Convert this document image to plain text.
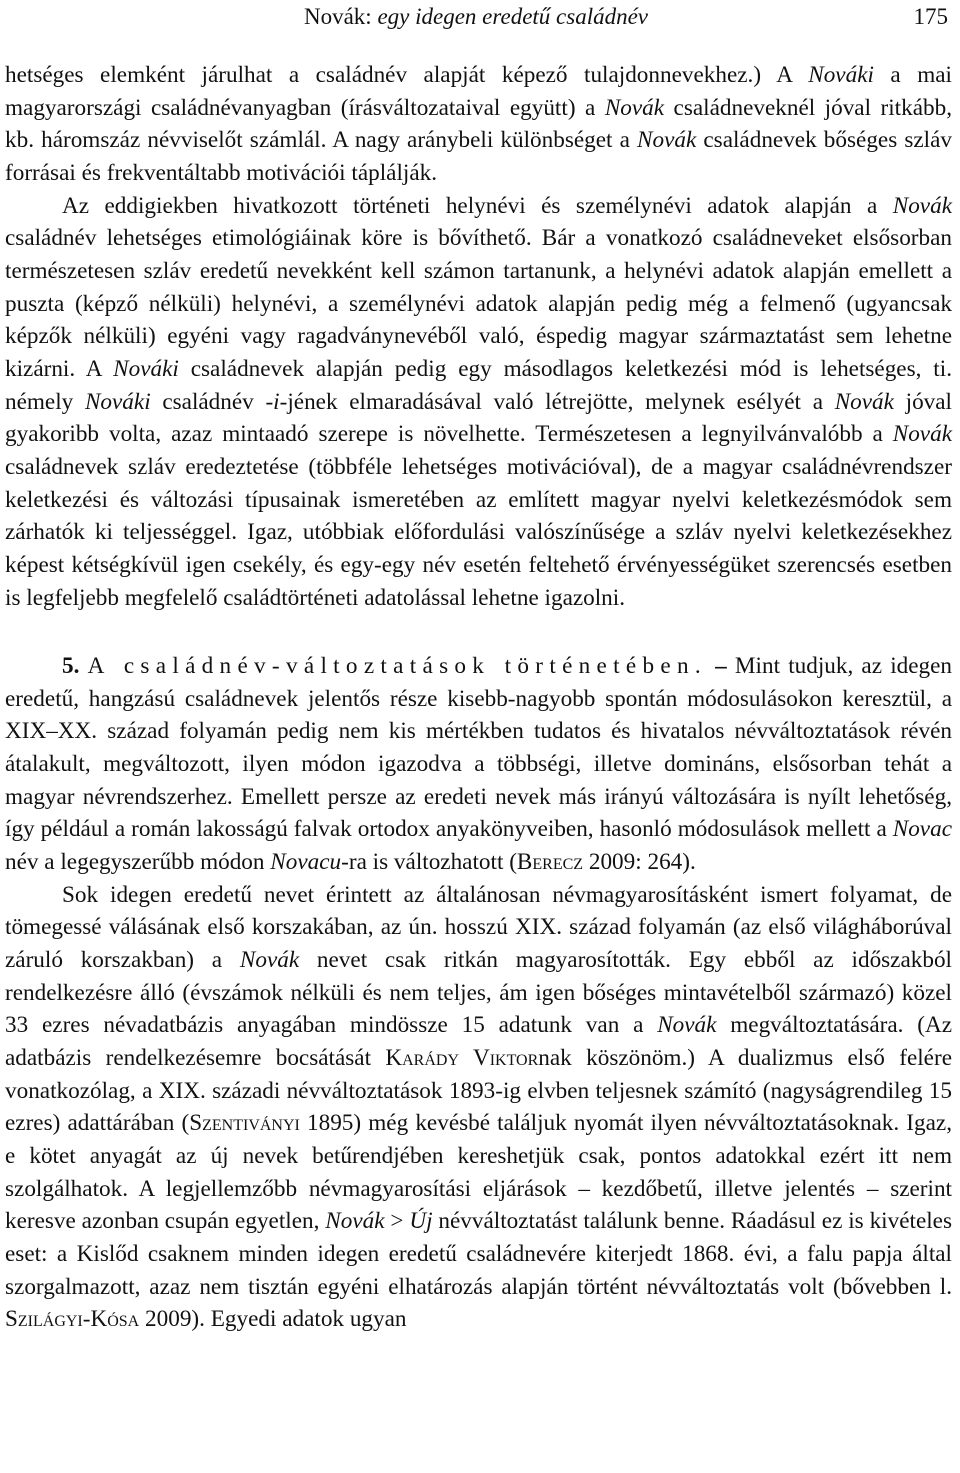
Novák: egy idegen eredetű családnév	175

hetséges elemként járulhat a családnév alapját képező tulajdonnevekhez.) A Nováki a mai magyarországi családnévanyagban (írásváltozataival együtt) a Novák családneveknél jóval ritkább, kb. háromszáz névviselőt számlál. A nagy aránybeli különbséget a Novák családnevek bőséges szláv forrásai és frekventáltabb motivációi táplálják.

Az eddigiekben hivatkozott történeti helynévi és személynévi adatok alapján a Novák családnév lehetséges etimológiáinak köre is bővíthető. Bár a vonatkozó családneveket elsősorban természetesen szláv eredetű nevekként kell számon tartanunk, a helynévi adatok alapján emellett a puszta (képző nélküli) helynévi, a személynévi adatok alapján pedig még a felmenő (ugyancsak képzők nélküli) egyéni vagy ragadványnevéből való, éspedig magyar származtatást sem lehetne kizárni. A Nováki családnevek alapján pedig egy másodlagos keletkezési mód is lehetséges, ti. némely Nováki családnév -i-jének elmaradásával való létrejötte, melynek esélyét a Novák jóval gyakoribb volta, azaz mintaadó szerepe is növelhette. Természetesen a legnyilvánvalóbb a Novák családnevek szláv eredeztetése (többféle lehetséges motivációval), de a magyar családnévrendszer keletkezési és változási típusainak ismeretében az említett magyar nyelvi keletkezésmódok sem zárhatók ki teljességgel. Igaz, utóbbiak előfordulási valószínűsége a szláv nyelvi keletkezésekhez képest kétségkívül igen csekély, és egy-egy név esetén feltehető érvényességüket szerencsés esetben is legfeljebb megfelelő családtörténeti adatolással lehetne igazolni.

5. A családnév-változtatások történetében. – Mint tudjuk, az idegen eredetű, hangzású családnevek jelentős része kisebb-nagyobb spontán módosulásokon keresztül, a XIX–XX. század folyamán pedig nem kis mértékben tudatos és hivatalos névváltoztatások révén átalakult, megváltozott, ilyen módon igazodva a többségi, illetve domináns, elsősorban tehát a magyar névrendszerhez. Emellett persze az eredeti nevek más irányú változására is nyílt lehetőség, így például a román lakosságú falvak ortodox anyakönyveiben, hasonló módosulások mellett a Novac név a legegyszerűbb módon Novacu-ra is változhatott (Berecz 2009: 264).

Sok idegen eredetű nevet érintett az általánosan névmagyarosításként ismert folyamat, de tömegessé válásának első korszakában, az ún. hosszú XIX. század folyamán (az első világháborúval záruló korszakban) a Novák nevet csak ritkán magyarosították. Egy ebből az időszakból rendelkezésre álló (évszámok nélküli és nem teljes, ám igen bőséges mintavételből származó) közel 33 ezres névadatbázis anyagában mindössze 15 adatunk van a Novák megváltoztatására. (Az adatbázis rendelkezésemre bocsátását Karády Viktornak köszönöm.) A dualizmus első felére vonatkozólag, a XIX. századi névváltoztatások 1893-ig elvben teljesnek számító (nagyságrendileg 15 ezres) adattárában (Szentiványi 1895) még kevésbé találjuk nyomát ilyen névváltoztatásoknak. Igaz, e kötet anyagát az új nevek betűrendjében kereshetjük csak, pontos adatokkal ezért itt nem szolgálhatok. A legjellemzőbb névmagyarosítási eljárások – kezdőbetű, illetve jelentés – szerint keresve azonban csupán egyetlen, Novák > Új névváltoztatást találunk benne. Ráadásul ez is kivételes eset: a Kislőd csaknem minden idegen eredetű családnevére kiterjedt 1868. évi, a falu papja által szorgalmazott, azaz nem tisztán egyéni elhatározás alapján történt névváltoztatás volt (bővebben l. Szilágyi-Kósa 2009). Egyedi adatok ugyan
